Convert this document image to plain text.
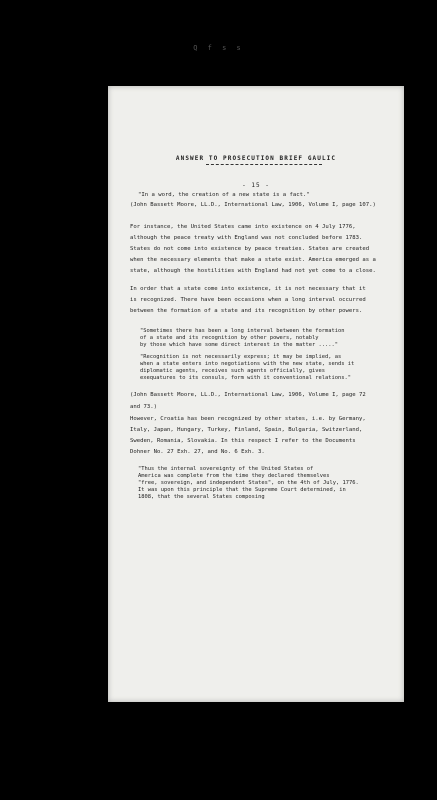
Q f s s
ANSWER TO PROSECUTION BRIEF GAULIC
- 15 -

"In a word, the creation of a new state is a fact."

(John Bassett Moore, LL.D., International Law, 1906, Volume I, page 107.)

For instance, the United States came into existence on 4 July 1776,

although the peace treaty with England was not concluded before 1783.

States do not come into existence by peace treaties. States are created

when the necessary elements that make a state exist. America emerged as a

state, although the hostilities with England had not yet come to a close.

In order that a state come into existence, it is not necessary that it

is recognized. There have been occasions when a long interval occurred

between the formation of a state and its recognition by other powers.

"Sometimes there has been a long interval between the formation

of a state and its recognition by other powers, notably

by those which have some direct interest in the matter ....."

"Recognition is not necessarily express; it may be implied, as

when a state enters into negotiations with the new state, sends it

diplomatic agents, receives such agents officially, gives

exequatures to its consuls, form with it conventional relations."

(John Bassett Moore, LL.D., International Law, 1906, Volume I, page 72

and 73.)

However, Croatia has been recognized by other states, i.e. by Germany,

Italy, Japan, Hungary, Turkey, Finland, Spain, Bulgaria, Switzerland,

Sweden, Romania, Slovakia. In this respect I refer to the Documents

Dohner No. 27 Exh. 27, and No. 6 Exh. 3.

"Thus the internal sovereignty of the United States of

America was complete from the time they declared themselves

"free, sovereign, and independent States", on the 4th of July, 1776.

It was upon this principle that the Supreme Court determined, in

1808, that the several States composing
